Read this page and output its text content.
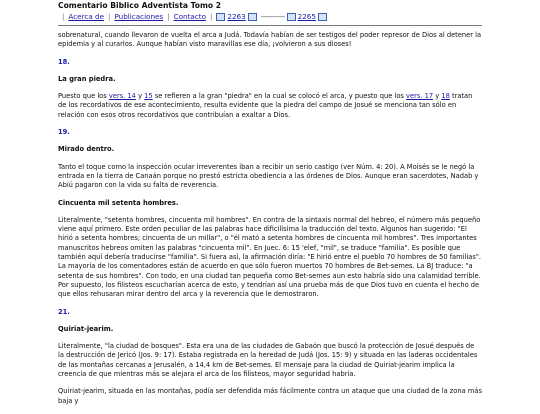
Comentario Biblico Adventista Tomo 2
| Acerca de | Publicaciones | Contacto | 2263 ------------ 2265

sobrenatural, cuando llevaron de vuelta el arca a Judá. Todavía habían de ser testigos del poder represor de Dios al detener la epidemia y al curarlos. Aunque habían visto maravillas ese día, ¡volvieron a sus dioses!

18.
La gran piedra.

Puesto que los vers. 14 y 15 se refieren a la gran "piedra" en la cual se colocó el arca, y puesto que los vers. 17 y 18 tratan de los recordativos de ese acontecimiento, resulta evidente que la piedra del campo de Josué se menciona tan sólo en relación con esos otros recordativos que contribuían a exaltar a Dios.

19.
Mirado dentro.

Tanto el toque como la inspección ocular irreverentes iban a recibir un serio castigo (ver Núm. 4: 20). A Moisés se le negó la entrada en la tierra de Canaán porque no prestó estricta obediencia a las órdenes de Dios. Aunque eran sacerdotes, Nadab y Abiú pagaron con la vida su falta de reverencia.

Cincuenta mil setenta hombres.

Literalmente, "setenta hombres, cincuenta mil hombres". En contra de la sintaxis normal del hebreo, el número más pequeño viene aquí primero. Este orden peculiar de las palabras hace dificilísima la traducción del texto. Algunos han sugerido: "El hirió a setenta hombres; cincuenta de un millar", o "él mató a setenta hombres de cincuenta mil hombres". Tres importantes manuscritos hebreos omiten las palabras "cincuenta mil". En Juec. 6: 15 'elef, "mil", se traduce "familia". Es posible que también aquí debería traducirse "familia". Si fuera así, la afirmación diría: "E hirió entre el pueblo 70 hombres de 50 familias". La mayoría de los comentadores están de acuerdo en que sólo fueron muertos 70 hombres de Bet-semes. La BJ traduce: "a setenta de sus hombres". Con todo, en una ciudad tan pequeña como Bet-semes aun esto habría sido una calamidad terrible. Por supuesto, los filisteos escucharían acerca de esto, y tendrían así una prueba más de que Dios tuvo en cuenta el hecho de que ellos rehusaran mirar dentro del arca y la reverencia que le demostraron.

21.
Quiriat-jearim.

Literalmente, "la ciudad de bosques". Esta era una de las ciudades de Gabaón que buscó la protección de Josué después de la destrucción de Jericó (Jos. 9: 17). Estaba registrada en la heredad de Judá (Jos. 15: 9) y situada en las laderas occidentales de las montañas cercanas a Jerusalén, a 14,4 km de Bet-semes. El mensaje para la ciudad de Quiriat-jearim implica la creencia de que mientras más se alejara el arca de los filisteos, mayor seguridad habría.

Quiriat-jearim, situada en las montañas, podía ser defendida más fácilmente contra un ataque que una ciudad de la zona más baja y
